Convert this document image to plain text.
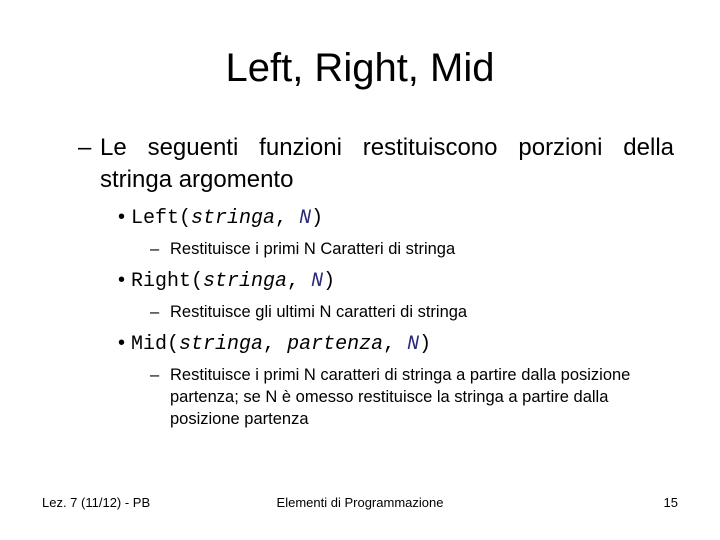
Left, Right, Mid
– Le seguenti funzioni restituiscono porzioni della stringa argomento
• Left(stringa, N)
– Restituisce i primi N Caratteri di stringa
• Right(stringa, N)
– Restituisce gli ultimi N caratteri di stringa
• Mid(stringa, partenza, N)
– Restituisce i primi N caratteri di stringa a partire dalla posizione partenza; se N è omesso restituisce la stringa a partire dalla posizione partenza
Lez. 7 (11/12) - PB	Elementi di Programmazione	15
